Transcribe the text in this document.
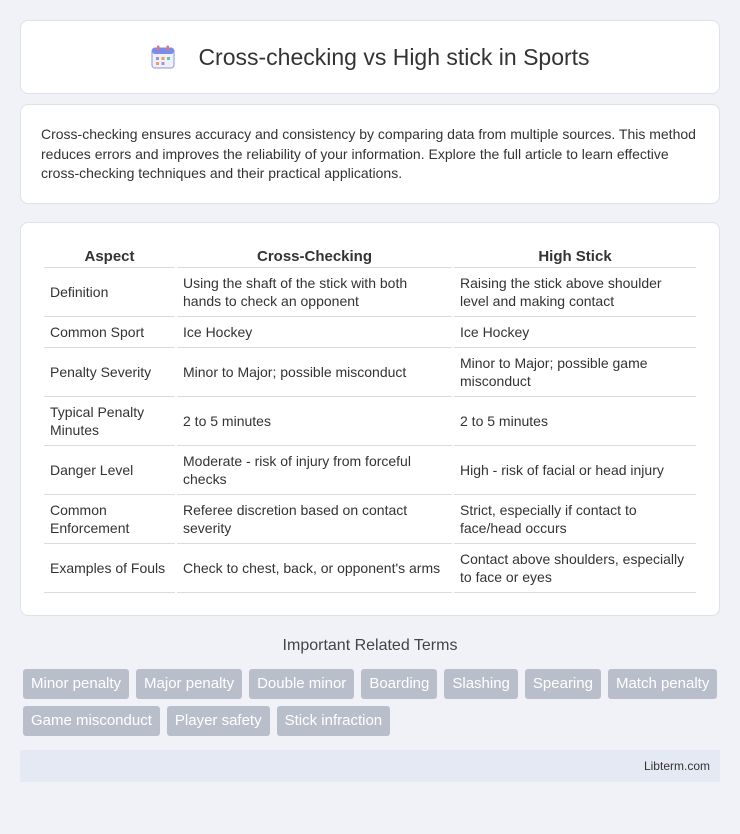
Cross-checking vs High stick in Sports

Cross-checking ensures accuracy and consistency by comparing data from multiple sources. This method reduces errors and improves the reliability of your information. Explore the full article to learn effective cross-checking techniques and their practical applications.

Aspect	Cross-Checking	High Stick
Definition	Using the shaft of the stick with both hands to check an opponent	Raising the stick above shoulder level and making contact
Common Sport	Ice Hockey	Ice Hockey
Penalty Severity	Minor to Major; possible misconduct	Minor to Major; possible game misconduct
Typical Penalty Minutes	2 to 5 minutes	2 to 5 minutes
Danger Level	Moderate - risk of injury from forceful checks	High - risk of facial or head injury
Common Enforcement	Referee discretion based on contact severity	Strict, especially if contact to face/head occurs
Examples of Fouls	Check to chest, back, or opponent's arms	Contact above shoulders, especially to face or eyes
Important Related Terms
Minor penalty	Major penalty	Double minor	Boarding	Slashing	Spearing	Match penalty
Game misconduct	Player safety	Stick infraction
Libterm.com
